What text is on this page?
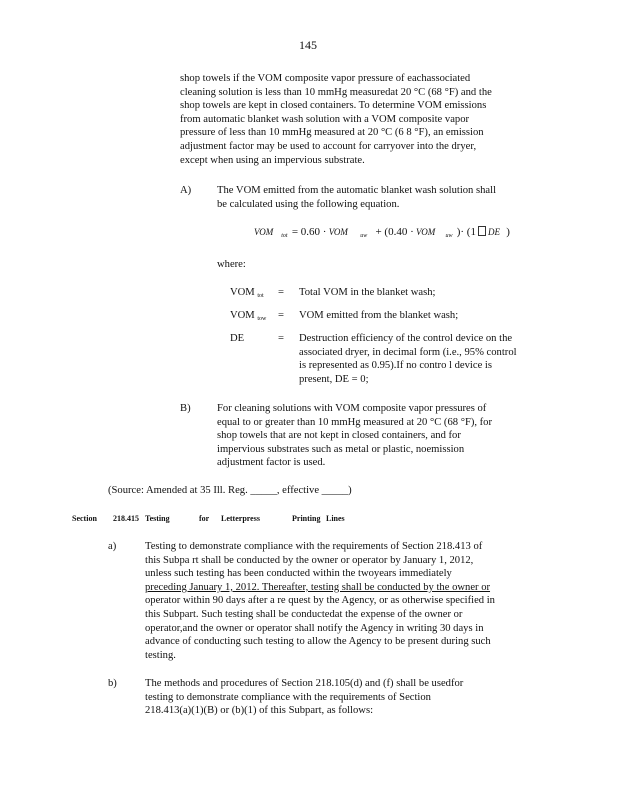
145
shop towels if the VOM composite vapor pressure of eachassociated
cleaning solution is less than 10 mmHg measuredat 20 °C (68 °F) and the
shop towels are kept in closed containers. To determine VOM emissions
from automatic blanket wash solution with a VOM composite vapor
pressure of less than 10 mmHg measured at 20 °C (6 8 °F), an emission
adjustment factor may be used to account for carryover into the dryer,
except when using an impervious substrate.
A) The VOM emitted from the automatic blanket wash solution shall
be calculated using the following equation.
VOM $_{tot}$ = 0.60 · VOM $_{uw}$ + (0.40 · VOM $_{uw}$ )· (1 DE )
where:
VOM $_{tot}$ = Total VOM in the blanket wash;
VOM $_{tow}$ = VOM emitted from the blanket wash;
DE	= Destruction efficiency of the control device on the
associated dryer, in decimal form (i.e., 95% control
is represented as 0.95).If no contro l device is
present, DE = 0;
B) For cleaning solutions with VOM composite vapor pressures of
equal to or greater than 10 mmHg measured at 20 °C (68 °F), for
shop towels that are not kept in closed containers, and for
impervious substrates such as metal or plastic, noemission
adjustment factor is used.
(Source: Amended at 35 Ill. Reg. _____, effective _____)
Section 218.415 Testing	for Letterpress	Printing Lines
a)	Testing to demonstrate compliance with the requirements of Section 218.413 of
this Subpa rt shall be conducted by the owner or operator by January 1, 2012,
unless such testing has been conducted within the twoyears immediately
preceding January 1, 2012. Thereafter, testing shall be conducted by the owner or
operator within 90 days after a re quest by the Agency, or as otherwise specified in
this Subpart. Such testing shall be conductedat the expense of the owner or
operator,and the owner or operator shall notify the Agency in writing 30 days in
advance of conducting such testing to allow the Agency to be present during such
testing.
b)	The methods and procedures of Section 218.105(d) and (f) shall be usedfor
testing to demonstrate compliance with the requirements of Section
218.413(a)(1)(B) or (b)(1) of this Subpart, as follows:
